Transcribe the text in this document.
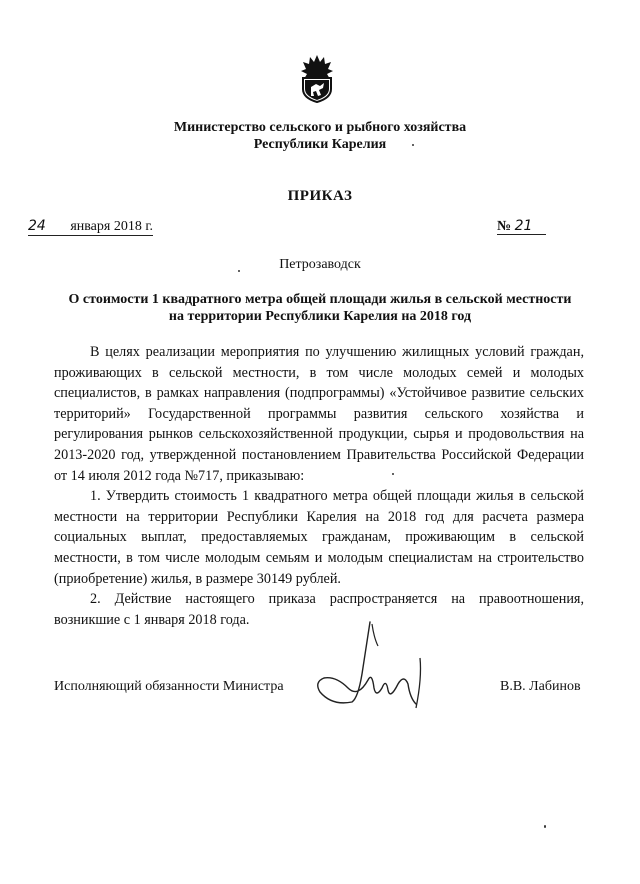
Министерство сельского и рыбного хозяйства
Республики Карелия
ПРИКАЗ
24 января 2018 г.	№ 21
Петрозаводск
О стоимости 1 квадратного метра общей площади жилья в сельской местности
на территории Республики Карелия на 2018 год

В целях реализации мероприятия по улучшению жилищных условий граждан, проживающих в сельской местности, в том числе молодых семей и молодых специалистов, в рамках направления (подпрограммы) «Устойчивое развитие сельских территорий» Государственной программы развития сельского хозяйства и регулирования рынков сельскохозяйственной продукции, сырья и продовольствия на 2013-2020 год, утвержденной постановлением Правительства Российской Федерации от 14 июля 2012 года №717, приказываю:

1. Утвердить стоимость 1 квадратного метра общей площади жилья в сельской местности на территории Республики Карелия на 2018 год для расчета размера социальных выплат, предоставляемых гражданам, проживающим в сельской местности, в том числе молодым семьям и молодым специалистам на строительство (приобретение) жилья, в размере 30149 рублей.

2. Действие настоящего приказа распространяется на правоотношения, возникшие с 1 января 2018 года.

Исполняющий обязанности Министра	В.В. Лабинов
